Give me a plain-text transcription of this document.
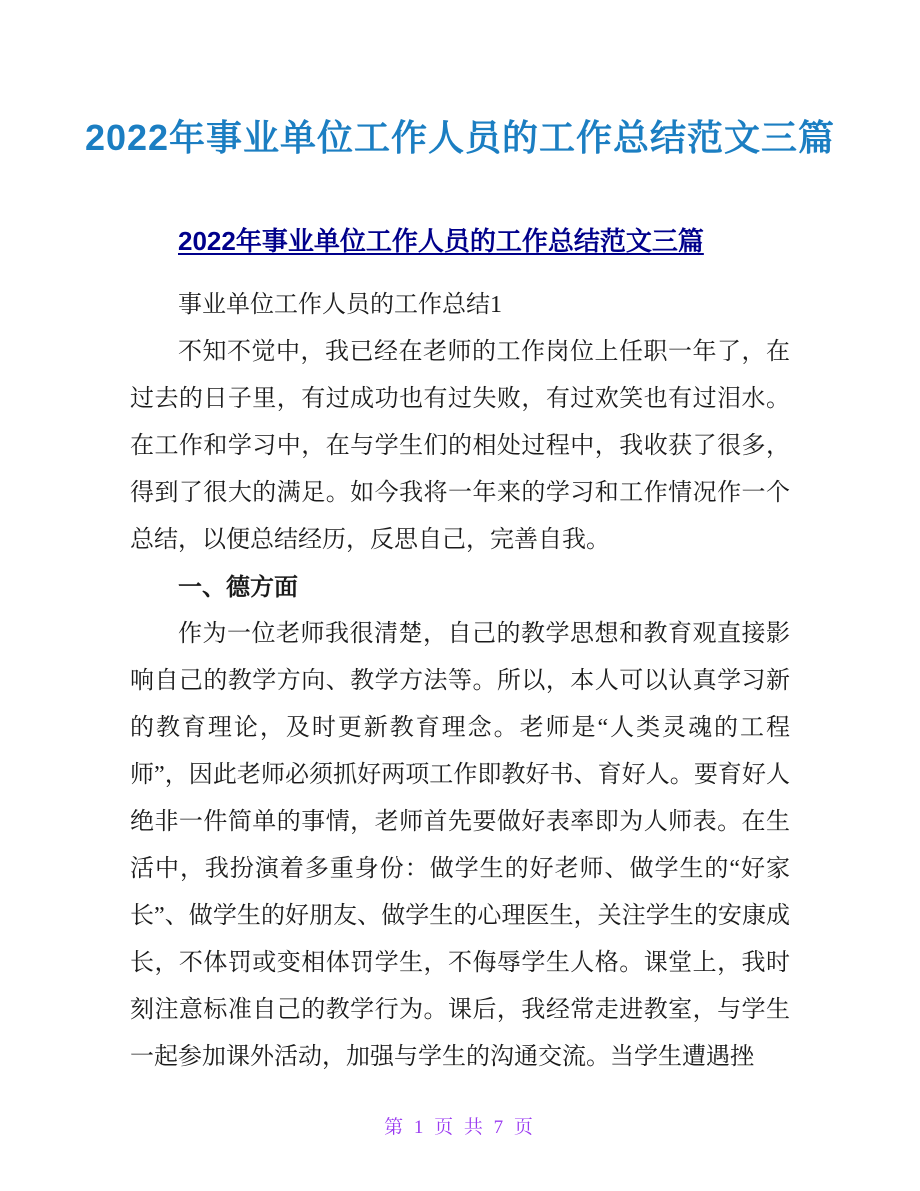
2022年事业单位工作人员的工作总结范文三篇
2022年事业单位工作人员的工作总结范文三篇

事业单位工作人员的工作总结1

不知不觉中，我已经在老师的工作岗位上任职一年了，在过去的日子里，有过成功也有过失败，有过欢笑也有过泪水。在工作和学习中，在与学生们的相处过程中，我收获了很多，得到了很大的满足。如今我将一年来的学习和工作情况作一个总结，以便总结经历，反思自己，完善自我。

一、德方面

作为一位老师我很清楚，自己的教学思想和教育观直接影响自己的教学方向、教学方法等。所以，本人可以认真学习新的教育理论，及时更新教育理念。老师是“人类灵魂的工程师”，因此老师必须抓好两项工作即教好书、育好人。要育好人绝非一件简单的事情，老师首先要做好表率即为人师表。在生活中，我扮演着多重身份：做学生的好老师、做学生的“好家长”、做学生的好朋友、做学生的心理医生，关注学生的安康成长，不体罚或变相体罚学生，不侮辱学生人格。课堂上，我时刻注意标准自己的教学行为。课后，我经常走进教室，与学生一起参加课外活动，加强与学生的沟通交流。当学生遭遇挫

第 1 页 共 7 页
